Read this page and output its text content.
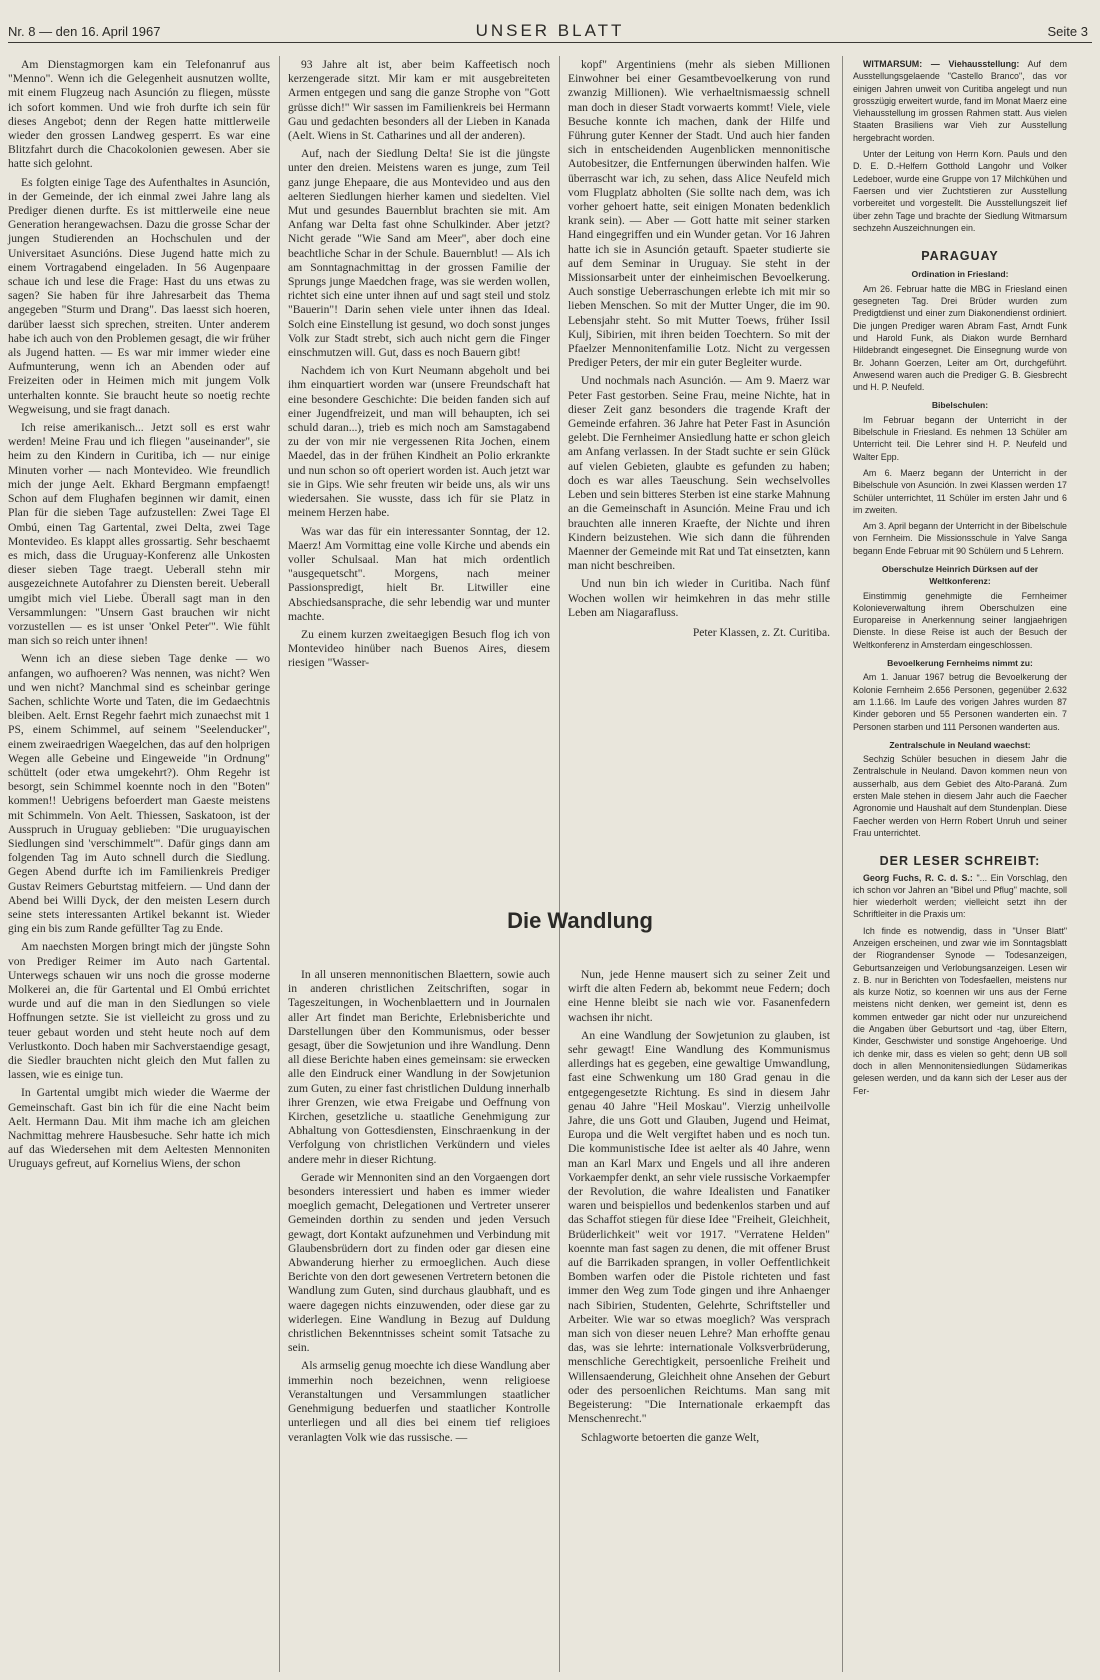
Nr. 8 — den 16. April 1967	UNSER BLATT	Seite 3

Am Dienstagmorgen kam ein Telefonanruf aus "Menno". Wenn ich die Gelegenheit ausnutzen wollte, mit einem Flugzeug nach Asunción zu fliegen, müsste ich sofort kommen. Und wie froh durfte ich sein für dieses Angebot; denn der Regen hatte mittlerweile wieder den grossen Landweg gesperrt. Es war eine Blitzfahrt durch die Chacokolonien gewesen. Aber sie hatte sich gelohnt.

Es folgten einige Tage des Aufenthaltes in Asunción, in der Gemeinde, der ich einmal zwei Jahre lang als Prediger dienen durfte. Es ist mittlerweile eine neue Generation herangewachsen. Dazu die grosse Schar der jungen Studierenden an Hochschulen und der Universitaet Asuncións. Diese Jugend hatte mich zu einem Vortragabend eingeladen. In 56 Augenpaare schaue ich und lese die Frage: Hast du uns etwas zu sagen? Sie haben für ihre Jahresarbeit das Thema angegeben "Sturm und Drang". Das laesst sich hoeren, darüber laesst sich sprechen, streiten. Unter anderem habe ich auch von den Problemen gesagt, die wir früher als Jugend hatten. — Es war mir immer wieder eine Aufmunterung, wenn ich an Abenden oder auf Freizeiten oder in Heimen mich mit jungem Volk unterhalten konnte. Sie braucht heute so noetig rechte Wegweisung, und sie fragt danach.

Ich reise amerikanisch... Jetzt soll es erst wahr werden! Meine Frau und ich fliegen "auseinander", sie heim zu den Kindern in Curitiba, ich — nur einige Minuten vorher — nach Montevideo. Wie freundlich mich der junge Aelt. Ekhard Bergmann empfaengt! Schon auf dem Flughafen beginnen wir damit, einen Plan für die sieben Tage aufzustellen: Zwei Tage El Ombú, einen Tag Gartental, zwei Delta, zwei Tage Montevideo. Es klappt alles grossartig. Sehr beschaemt es mich, dass die Uruguay-Konferenz alle Unkosten dieser sieben Tage traegt. Ueberall stehn mir ausgezeichnete Autofahrer zu Diensten bereit. Ueberall umgibt mich viel Liebe. Überall sagt man in den Versammlungen: "Unsern Gast brauchen wir nicht vorzustellen — es ist unser 'Onkel Peter'". Wie fühlt man sich so reich unter ihnen!

Wenn ich an diese sieben Tage denke — wo anfangen, wo aufhoeren? Was nennen, was nicht? Wen und wen nicht? Manchmal sind es scheinbar geringe Sachen, schlichte Worte und Taten, die im Gedaechtnis bleiben. Aelt. Ernst Regehr faehrt mich zunaechst mit 1 PS, einem Schimmel, auf seinem "Seelenducker", einem zweiraedrigen Waegelchen, das auf den holprigen Wegen alle Gebeine und Eingeweide "in Ordnung" schüttelt (oder etwa umgekehrt?). Ohm Regehr ist besorgt, sein Schimmel koennte noch in den "Boten" kommen!! Uebrigens befoerdert man Gaeste meistens mit Schimmeln. Von Aelt. Thiessen, Saskatoon, ist der Ausspruch in Uruguay geblieben: "Die uruguayischen Siedlungen sind 'verschimmelt'". Dafür gings dann am folgenden Tag im Auto schnell durch die Siedlung. Gegen Abend durfte ich im Familienkreis Prediger Gustav Reimers Geburtstag mitfeiern. — Und dann der Abend bei Willi Dyck, der den meisten Lesern durch seine stets interessanten Artikel bekannt ist. Wieder ging ein bis zum Rande gefüllter Tag zu Ende.

Am naechsten Morgen bringt mich der jüngste Sohn von Prediger Reimer im Auto nach Gartental. Unterwegs schauen wir uns noch die grosse moderne Molkerei an, die für Gartental und El Ombú errichtet wurde und auf die man in den Siedlungen so viele Hoffnungen setzte. Sie ist vielleicht zu gross und zu teuer gebaut worden und steht heute noch auf dem Verlustkonto. Doch haben mir Sachverstaendige gesagt, die Siedler brauchten nicht gleich den Mut fallen zu lassen, wie es einige tun.

In Gartental umgibt mich wieder die Waerme der Gemeinschaft. Gast bin ich für die eine Nacht beim Aelt. Hermann Dau. Mit ihm mache ich am gleichen Nachmittag mehrere Hausbesuche. Sehr hatte ich mich auf das Wiedersehen mit dem Aeltesten Mennoniten Uruguays gefreut, auf Kornelius Wiens, der schon

93 Jahre alt ist, aber beim Kaffeetisch noch kerzengerade sitzt. Mir kam er mit ausgebreiteten Armen entgegen und sang die ganze Strophe von "Gott grüsse dich!" Wir sassen im Familienkreis bei Hermann Gau und gedachten besonders all der Lieben in Kanada (Aelt. Wiens in St. Catharines und all der anderen).

Auf, nach der Siedlung Delta! Sie ist die jüngste unter den dreien. Meistens waren es junge, zum Teil ganz junge Ehepaare, die aus Montevideo und aus den aelteren Siedlungen hierher kamen und siedelten. Viel Mut und gesundes Bauernblut brachten sie mit. Am Anfang war Delta fast ohne Schulkinder. Aber jetzt? Nicht gerade "Wie Sand am Meer", aber doch eine beachtliche Schar in der Schule. Bauernblut! — Als ich am Sonntagnachmittag in der grossen Familie der Sprungs junge Maedchen frage, was sie werden wollen, richtet sich eine unter ihnen auf und sagt steil und stolz "Bauerin"! Darin sehen viele unter ihnen das Ideal. Solch eine Einstellung ist gesund, wo doch sonst junges Volk zur Stadt strebt, sich auch nicht gern die Finger einschmutzen will. Gut, dass es noch Bauern gibt!

Nachdem ich von Kurt Neumann abgeholt und bei ihm einquartiert worden war (unsere Freundschaft hat eine besondere Geschichte: Die beiden fanden sich auf einer Jugendfreizeit, und man will behaupten, ich sei schuld daran...), trieb es mich noch am Samstagabend zu der von mir nie vergessenen Rita Jochen, einem Maedel, das in der frühen Kindheit an Polio erkrankte und nun schon so oft operiert worden ist. Auch jetzt war sie in Gips. Wie sehr freuten wir beide uns, als wir uns wiedersahen. Sie wusste, dass ich für sie Platz in meinem Herzen habe.

Was war das für ein interessanter Sonntag, der 12. Maerz! Am Vormittag eine volle Kirche und abends ein voller Schulsaal. Man hat mich ordentlich "ausgequetscht". Morgens, nach meiner Passionspredigt, hielt Br. Litwiller eine Abschiedsansprache, die sehr lebendig war und munter machte.

Zu einem kurzen zweitaegigen Besuch flog ich von Montevideo hinüber nach Buenos Aires, diesem riesigen "Wasser-

kopf" Argentiniens (mehr als sieben Millionen Einwohner bei einer Gesamtbevoelkerung von rund zwanzig Millionen). Wie verhaeltnismaessig schnell man doch in dieser Stadt vorwaerts kommt! Viele, viele Besuche konnte ich machen, dank der Hilfe und Führung guter Kenner der Stadt. Und auch hier fanden sich in entscheidenden Augenblicken mennonitische Autobesitzer, die Entfernungen überwinden halfen. Wie überrascht war ich, zu sehen, dass Alice Neufeld mich vom Flugplatz abholten (Sie sollte nach dem, was ich vorher gehoert hatte, seit einigen Monaten bedenklich krank sein). — Aber — Gott hatte mit seiner starken Hand eingegriffen und ein Wunder getan. Vor 16 Jahren hatte ich sie in Asunción getauft. Spaeter studierte sie auf dem Seminar in Uruguay. Sie steht in der Missionsarbeit unter der einheimischen Bevoelkerung. Auch sonstige Ueberraschungen erlebte ich mit mir so lieben Menschen. So mit der Mutter Unger, die im 90. Lebensjahr steht. So mit Mutter Toews, früher Issil Kulj, Sibirien, mit ihren beiden Toechtern. So mit der Pfaelzer Mennonitenfamilie Lotz. Nicht zu vergessen Prediger Peters, der mir ein guter Begleiter wurde.

Und nochmals nach Asunción. — Am 9. Maerz war Peter Fast gestorben. Seine Frau, meine Nichte, hat in dieser Zeit ganz besonders die tragende Kraft der Gemeinde erfahren. 36 Jahre hat Peter Fast in Asunción gelebt. Die Fernheimer Ansiedlung hatte er schon gleich am Anfang verlassen. In der Stadt suchte er sein Glück auf vielen Gebieten, glaubte es gefunden zu haben; doch es war alles Taeuschung. Sein wechselvolles Leben und sein bitteres Sterben ist eine starke Mahnung an die Gemeinschaft in Asunción. Meine Frau und ich brauchten alle inneren Kraefte, der Nichte und ihren Kindern beizustehen. Wie sich dann die führenden Maenner der Gemeinde mit Rat und Tat einsetzten, kann man nicht beschreiben.

Und nun bin ich wieder in Curitiba. Nach fünf Wochen wollen wir heimkehren in das mehr stille Leben am Niagarafluss.

Peter Klassen, z. Zt. Curitiba.

Die Wandlung

In all unseren mennonitischen Blaettern, sowie auch in anderen christlichen Zeitschriften, sogar in Tageszeitungen, in Wochenblaettern und in Journalen aller Art findet man Berichte, Erlebnisberichte und Darstellungen über den Kommunismus, oder besser gesagt, über die Sowjetunion und ihre Wandlung. Denn all diese Berichte haben eines gemeinsam: sie erwecken alle den Eindruck einer Wandlung in der Sowjetunion zum Guten, zu einer fast christlichen Duldung innerhalb ihrer Grenzen, wie etwa Freigabe und Oeffnung von Kirchen, gesetzliche u. staatliche Genehmigung zur Abhaltung von Gottesdiensten, Einschraenkung in der Verfolgung von christlichen Verkündern und vieles andere mehr in dieser Richtung.

Gerade wir Mennoniten sind an den Vorgaengen dort besonders interessiert und haben es immer wieder moeglich gemacht, Delegationen und Vertreter unserer Gemeinden dorthin zu senden und jeden Versuch gewagt, dort Kontakt aufzunehmen und Verbindung mit Glaubensbrüdern dort zu finden oder gar diesen eine Abwanderung hierher zu ermoeglichen. Auch diese Berichte von den dort gewesenen Vertretern betonen die Wandlung zum Guten, sind durchaus glaubhaft, und es waere dagegen nichts einzuwenden, oder diese gar zu widerlegen. Eine Wandlung in Bezug auf Duldung christlichen Bekenntnisses scheint somit Tatsache zu sein.

Als armselig genug moechte ich diese Wandlung aber immerhin noch bezeichnen, wenn religioese Veranstaltungen und Versammlungen staatlicher Genehmigung beduerfen und staatlicher Kontrolle unterliegen und all dies bei einem tief religioes veranlagten Volk wie das russische. —

Nun, jede Henne mausert sich zu seiner Zeit und wirft die alten Federn ab, bekommt neue Federn; doch eine Henne bleibt sie nach wie vor. Fasanenfedern wachsen ihr nicht.

An eine Wandlung der Sowjetunion zu glauben, ist sehr gewagt! Eine Wandlung des Kommunismus allerdings hat es gegeben, eine gewaltige Umwandlung, fast eine Schwenkung um 180 Grad genau in die entgegengesetzte Richtung. Es sind in diesem Jahr genau 40 Jahre "Heil Moskau". Vierzig unheilvolle Jahre, die uns Gott und Glauben, Jugend und Heimat, Europa und die Welt vergiftet haben und es noch tun. Die kommunistische Idee ist aelter als 40 Jahre, wenn man an Karl Marx und Engels und all ihre anderen Vorkaempfer denkt, an sehr viele russische Vorkaempfer der Revolution, die wahre Idealisten und Fanatiker waren und beispiellos und bedenkenlos starben und auf das Schaffot stiegen für diese Idee "Freiheit, Gleichheit, Brüderlichkeit" weit vor 1917. "Verratene Helden" koennte man fast sagen zu denen, die mit offener Brust auf die Barrikaden sprangen, in voller Oeffentlichkeit Bomben warfen oder die Pistole richteten und fast immer den Weg zum Tode gingen und ihre Anhaenger nach Sibirien, Studenten, Gelehrte, Schriftsteller und Arbeiter. Wie war so etwas moeglich? Was versprach man sich von dieser neuen Lehre? Man erhoffte genau das, was sie lehrte: internationale Volksverbrüderung, menschliche Gerechtigkeit, persoenliche Freiheit und Willensaenderung, Gleichheit ohne Ansehen der Geburt oder des persoenlichen Reichtums. Man sang mit Begeisterung: "Die Internationale erkaempft das Menschenrecht."

Schlagworte betoerten die ganze Welt,

WITMARSUM: — Viehausstellung: Auf dem Ausstellungsgelaende "Castello Branco", das vor einigen Jahren unweit von Curitiba angelegt und nun grosszügig erweitert wurde, fand im Monat Maerz eine Viehausstellung im grossen Rahmen statt. Aus vielen Staaten Brasiliens war Vieh zur Ausstellung hergebracht worden.

Unter der Leitung von Herrn Korn. Pauls und den D. E. D.-Helfern Gotthold Langohr und Volker Ledeboer, wurde eine Gruppe von 17 Milchkühen und Faersen und vier Zuchtstieren zur Ausstellung vorbereitet und vorgestellt. Die Ausstellungszeit lief über zehn Tage und brachte der Siedlung Witmarsum sechzehn Auszeichnungen ein.

PARAGUAY

Ordination in Friesland:

Am 26. Februar hatte die MBG in Friesland einen gesegneten Tag. Drei Brüder wurden zum Predigtdienst und einer zum Diakonendienst ordiniert. Die jungen Prediger waren Abram Fast, Arndt Funk und Harold Funk, als Diakon wurde Bernhard Hildebrandt eingesegnet. Die Einsegnung wurde von Br. Johann Goerzen, Leiter am Ort, durchgeführt. Anwesend waren auch die Prediger G. B. Giesbrecht und H. P. Neufeld.

Bibelschulen:

Im Februar begann der Unterricht in der Bibelschule in Friesland. Es nehmen 13 Schüler am Unterricht teil. Die Lehrer sind H. P. Neufeld und Walter Epp.

Am 6. Maerz begann der Unterricht in der Bibelschule von Asunción. In zwei Klassen werden 17 Schüler unterrichtet, 11 Schüler im ersten Jahr und 6 im zweiten.

Am 3. April begann der Unterricht in der Bibelschule von Fernheim. Die Missionsschule in Yalve Sanga begann Ende Februar mit 90 Schülern und 5 Lehrern.

Oberschulze Heinrich Dürksen auf der Weltkonferenz:

Einstimmig genehmigte die Fernheimer Kolonieverwaltung ihrem Oberschulzen eine Europareise in Anerkennung seiner langjaehrigen Dienste. In diese Reise ist auch der Besuch der Weltkonferenz in Amsterdam eingeschlossen.

Bevoelkerung Fernheims nimmt zu:

Am 1. Januar 1967 betrug die Bevoelkerung der Kolonie Fernheim 2.656 Personen, gegenüber 2.632 am 1.1.66. Im Laufe des vorigen Jahres wurden 87 Kinder geboren und 55 Personen wanderten ein. 7 Personen starben und 111 Personen wanderten aus.

Zentralschule in Neuland waechst:

Sechzig Schüler besuchen in diesem Jahr die Zentralschule in Neuland. Davon kommen neun von ausserhalb, aus dem Gebiet des Alto-Paraná. Zum ersten Male stehen in diesem Jahr auch die Faecher Agronomie und Haushalt auf dem Stundenplan. Diese Faecher werden von Herrn Robert Unruh und seiner Frau unterrichtet.

DER LESER SCHREIBT:

Georg Fuchs, R. C. d. S.: "... Ein Vorschlag, den ich schon vor Jahren an "Bibel und Pflug" machte, soll hier wiederholt werden; vielleicht setzt ihn der Schriftleiter in die Praxis um:

Ich finde es notwendig, dass in "Unser Blatt" Anzeigen erscheinen, und zwar wie im Sonntagsblatt der Riograndenser Synode — Todesanzeigen, Geburtsanzeigen und Verlobungsanzeigen. Lesen wir z. B. nur in Berichten von Todesfaellen, meistens nur als kurze Notiz, so koennen wir uns aus der Ferne meistens nicht denken, wer gemeint ist, denn es kommen entweder gar nicht oder nur unzureichend die Angaben über Geburtsort und -tag, über Eltern, Kinder, Geschwister und sonstige Angehoerige. Und ich denke mir, dass es vielen so geht; denn UB soll doch in allen Mennonitensiedlungen Südamerikas gelesen werden, und da kann sich der Leser aus der Fer-
